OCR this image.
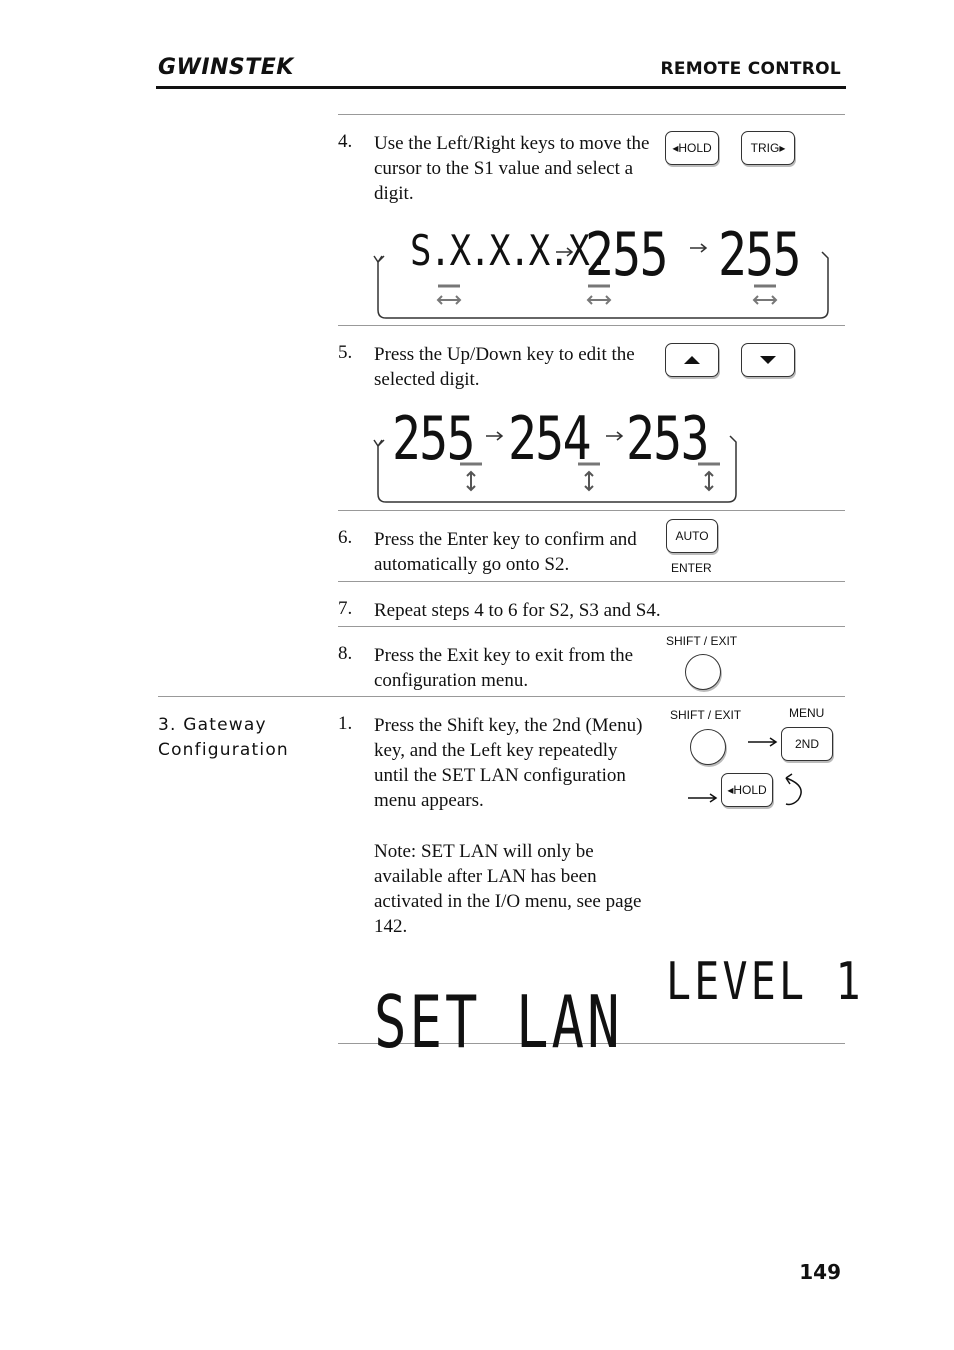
GWINSTEK	REMOTE CONTROL
4. Use the Left/Right keys to move the cursor to the S1 value and select a digit.
◂HOLD	TRIG▸
S.X.X.X.X.
255 255
5. Press the Up/Down key to edit the selected digit.
255 254 253
6. Press the Enter key to confirm and automatically go onto S2.
AUTO
ENTER
7. Repeat steps 4 to 6 for S2, S3 and S4.
SHIFT / EXIT
8. Press the Exit key to exit from the configuration menu.
3. Gateway Configuration
1. Press the Shift key, the 2nd (Menu) key, and the Left key repeatedly until the SET LAN configuration menu appears.
Note: SET LAN will only be available after LAN has been activated in the I/O menu, see page 142.
SHIFT / EXIT	MENU
2ND
◂HOLD
SET LAN LEVEL 1
149
